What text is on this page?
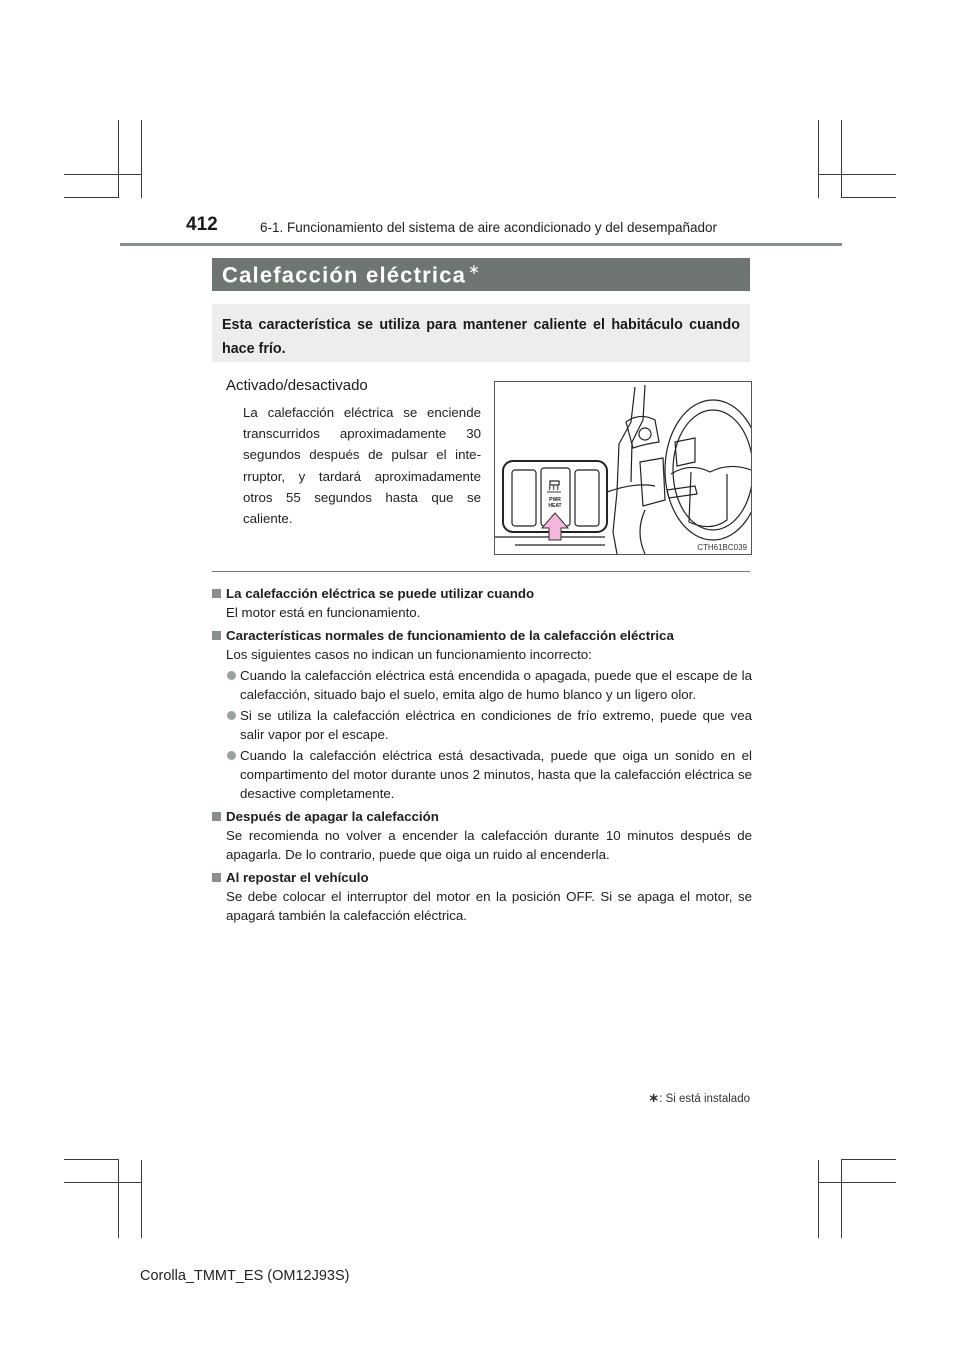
412	6-1. Funcionamiento del sistema de aire acondicionado y del desempañador
Calefacción eléctrica ∗
Esta característica se utiliza para mantener caliente el habitáculo cuando hace frío.
Activado/desactivado
La calefacción eléctrica se enciende transcurridos aproximadamente 30 segundos después de pulsar el inte-rruptor, y tardará aproximadamente otros 55 segundos hasta que se caliente.
PWR
HEAT
CTH61BC039
La calefacción eléctrica se puede utilizar cuando
El motor está en funcionamiento.
Características normales de funcionamiento de la calefacción eléctrica
Los siguientes casos no indican un funcionamiento incorrecto:
Cuando la calefacción eléctrica está encendida o apagada, puede que el escape de la calefacción, situado bajo el suelo, emita algo de humo blanco y un ligero olor.
Si se utiliza la calefacción eléctrica en condiciones de frío extremo, puede que vea salir vapor por el escape.
Cuando la calefacción eléctrica está desactivada, puede que oiga un sonido en el compartimento del motor durante unos 2 minutos, hasta que la calefacción eléctrica se desactive completamente.
Después de apagar la calefacción
Se recomienda no volver a encender la calefacción durante 10 minutos después de apagarla. De lo contrario, puede que oiga un ruido al encenderla.
Al repostar el vehículo
Se debe colocar el interruptor del motor en la posición OFF. Si se apaga el motor, se apagará también la calefacción eléctrica.
∗: Si está instalado
Corolla_TMMT_ES (OM12J93S)
